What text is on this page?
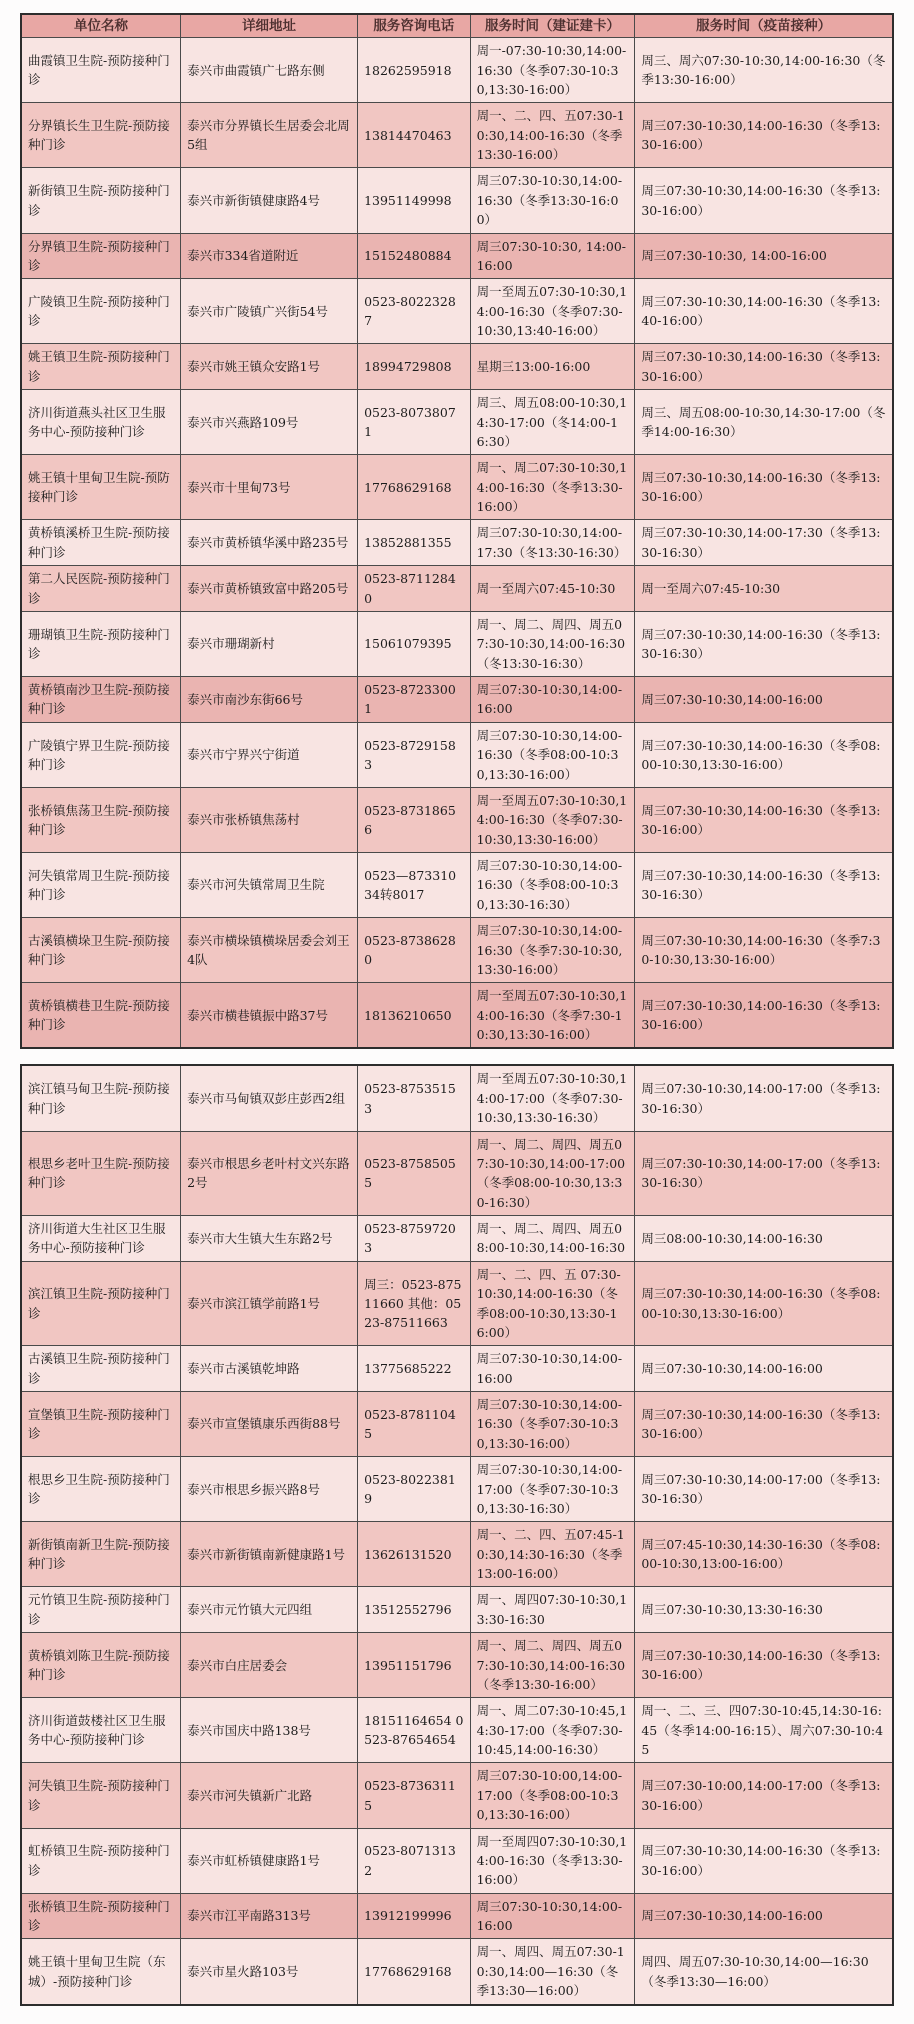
单位名称	详细地址	服务咨询电话	服务时间（建证建卡）	服务时间（疫苗接种）
曲霞镇卫生院-预防接种门诊	泰兴市曲霞镇广七路东侧	18262595918	周一-07:30-10:30,14:00-16:30（冬季07:30-10:30,13:30-16:00）	周三、周六07:30-10:30,14:00-16:30（冬季13:30-16:00）
分界镇长生卫生院-预防接种门诊	泰兴市分界镇长生居委会北周5组	13814470463	周一、二、四、五07:30-10:30,14:00-16:30（冬季13:30-16:00）	周三07:30-10:30,14:00-16:30（冬季13:30-16:00）
新街镇卫生院-预防接种门诊	泰兴市新街镇健康路4号	13951149998	周三07:30-10:30,14:00-16:30（冬季13:30-16:00）	周三07:30-10:30,14:00-16:30（冬季13:30-16:00）
分界镇卫生院-预防接种门诊	泰兴市334省道附近	15152480884	周三07:30-10:30, 14:00-16:00	周三07:30-10:30, 14:00-16:00
广陵镇卫生院-预防接种门诊	泰兴市广陵镇广兴街54号	0523-80223287	周一至周五07:30-10:30,14:00-16:30（冬季07:30-10:30,13:40-16:00）	周三07:30-10:30,14:00-16:30（冬季13:40-16:00）
姚王镇卫生院-预防接种门诊	泰兴市姚王镇众安路1号	18994729808	星期三13:00-16:00	周三07:30-10:30,14:00-16:30（冬季13:30-16:00）
济川街道燕头社区卫生服务中心-预防接种门诊	泰兴市兴燕路109号	0523-80738071	周三、周五08:00-10:30,14:30-17:00（冬14:00-16:30）	周三、周五08:00-10:30,14:30-17:00（冬季14:00-16:30）
姚王镇十里甸卫生院-预防接种门诊	泰兴市十里甸73号	17768629168	周一、周二07:30-10:30,14:00-16:30（冬季13:30-16:00）	周三07:30-10:30,14:00-16:30（冬季13:30-16:00）
黄桥镇溪桥卫生院-预防接种门诊	泰兴市黄桥镇华溪中路235号	13852881355	周三07:30-10:30,14:00-17:30（冬13:30-16:30）	周三07:30-10:30,14:00-17:30（冬季13:30-16:30）
第二人民医院-预防接种门诊	泰兴市黄桥镇致富中路205号	0523-87112840	周一至周六07:45-10:30	周一至周六07:45-10:30
珊瑚镇卫生院-预防接种门诊	泰兴市珊瑚新村	15061079395	周一、周二、周四、周五07:30-10:30,14:00-16:30（冬13:30-16:30）	周三07:30-10:30,14:00-16:30（冬季13:30-16:30）
黄桥镇南沙卫生院-预防接种门诊	泰兴市南沙东街66号	0523-87233001	周三07:30-10:30,14:00-16:00	周三07:30-10:30,14:00-16:00
广陵镇宁界卫生院-预防接种门诊	泰兴市宁界兴宁街道	0523-87291583	周三07:30-10:30,14:00-16:30（冬季08:00-10:30,13:30-16:00）	周三07:30-10:30,14:00-16:30（冬季08:00-10:30,13:30-16:00）
张桥镇焦荡卫生院-预防接种门诊	泰兴市张桥镇焦荡村	0523-87318656	周一至周五07:30-10:30,14:00-16:30（冬季07:30-10:30,13:30-16:00）	周三07:30-10:30,14:00-16:30（冬季13:30-16:00）
河失镇常周卫生院-预防接种门诊	泰兴市河失镇常周卫生院	0523—87331034转8017	周三07:30-10:30,14:00-16:30（冬季08:00-10:30,13:30-16:30）	周三07:30-10:30,14:00-16:30（冬季13:30-16:30）
古溪镇横垛卫生院-预防接种门诊	泰兴市横垛镇横垛居委会刘王4队	0523-87386280	周三07:30-10:30,14:00-16:30（冬季7:30-10:30,13:30-16:00）	周三07:30-10:30,14:00-16:30（冬季7:30-10:30,13:30-16:00）
黄桥镇横巷卫生院-预防接种门诊	泰兴市横巷镇振中路37号	18136210650	周一至周五07:30-10:30,14:00-16:30（冬季7:30-10:30,13:30-16:00）	周三07:30-10:30,14:00-16:30（冬季13:30-16:00）
滨江镇马甸卫生院-预防接种门诊	泰兴市马甸镇双彭庄彭西2组	0523-87535153	周一至周五07:30-10:30,14:00-17:00（冬季07:30-10:30,13:30-16:30）	周三07:30-10:30,14:00-17:00（冬季13:30-16:30）
根思乡老叶卫生院-预防接种门诊	泰兴市根思乡老叶村文兴东路2号	0523-87585055	周一、周二、周四、周五07:30-10:30,14:00-17:00（冬季08:00-10:30,13:30-16:30）	周三07:30-10:30,14:00-17:00（冬季13:30-16:30）
济川街道大生社区卫生服务中心-预防接种门诊	泰兴市大生镇大生东路2号	0523-87597203	周一、周二、周四、周五08:00-10:30,14:00-16:30	周三08:00-10:30,14:00-16:30
滨江镇卫生院-预防接种门诊	泰兴市滨江镇学前路1号	周三：0523-87511660 其他：0523-87511663	周一、二、四、五 07:30-10:30,14:00-16:30（冬季08:00-10:30,13:30-16:00）	周三07:30-10:30,14:00-16:30（冬季08:00-10:30,13:30-16:00）
古溪镇卫生院-预防接种门诊	泰兴市古溪镇乾坤路	13775685222	周三07:30-10:30,14:00-16:00	周三07:30-10:30,14:00-16:00
宣堡镇卫生院-预防接种门诊	泰兴市宣堡镇康乐西街88号	0523-87811045	周三07:30-10:30,14:00-16:30（冬季07:30-10:30,13:30-16:00）	周三07:30-10:30,14:00-16:30（冬季13:30-16:00）
根思乡卫生院-预防接种门诊	泰兴市根思乡振兴路8号	0523-80223819	周三07:30-10:30,14:00-17:00（冬季07:30-10:30,13:30-16:30）	周三07:30-10:30,14:00-17:00（冬季13:30-16:30）
新街镇南新卫生院-预防接种门诊	泰兴市新街镇南新健康路1号	13626131520	周一、二、四、五07:45-10:30,14:30-16:30（冬季13:00-16:00）	周三07:45-10:30,14:30-16:30（冬季08:00-10:30,13:00-16:00）
元竹镇卫生院-预防接种门诊	泰兴市元竹镇大元四组	13512552796	周一、周四07:30-10:30,13:30-16:30	周三07:30-10:30,13:30-16:30
黄桥镇刘陈卫生院-预防接种门诊	泰兴市白庄居委会	13951151796	周一、周二、周四、周五07:30-10:30,14:00-16:30（冬季13:30-16:00）	周三07:30-10:30,14:00-16:30（冬季13:30-16:00）
济川街道鼓楼社区卫生服务中心-预防接种门诊	泰兴市国庆中路138号	18151164654 0523-87654654	周一、周二07:30-10:45,14:30-17:00（冬季07:30-10:45,14:00-16:30）	周一、二、三、四07:30-10:45,14:30-16:45（冬季14:00-16:15）、周六07:30-10:45
河失镇卫生院-预防接种门诊	泰兴市河失镇新广北路	0523-87363115	周三07:30-10:00,14:00-17:00（冬季08:00-10:30,13:30-16:00）	周三07:30-10:00,14:00-17:00（冬季13:30-16:00）
虹桥镇卫生院-预防接种门诊	泰兴市虹桥镇健康路1号	0523-80713132	周一至周四07:30-10:30,14:00-16:30（冬季13:30-16:00）	周三07:30-10:30,14:00-16:30（冬季13:30-16:00）
张桥镇卫生院-预防接种门诊	泰兴市江平南路313号	13912199996	周三07:30-10:30,14:00-16:00	周三07:30-10:30,14:00-16:00
姚王镇十里甸卫生院（东城）-预防接种门诊	泰兴市星火路103号	17768629168	周一、周四、周五07:30-10:30,14:00—16:30（冬季13:30—16:00）	周四、周五07:30-10:30,14:00—16:30（冬季13:30—16:00）
